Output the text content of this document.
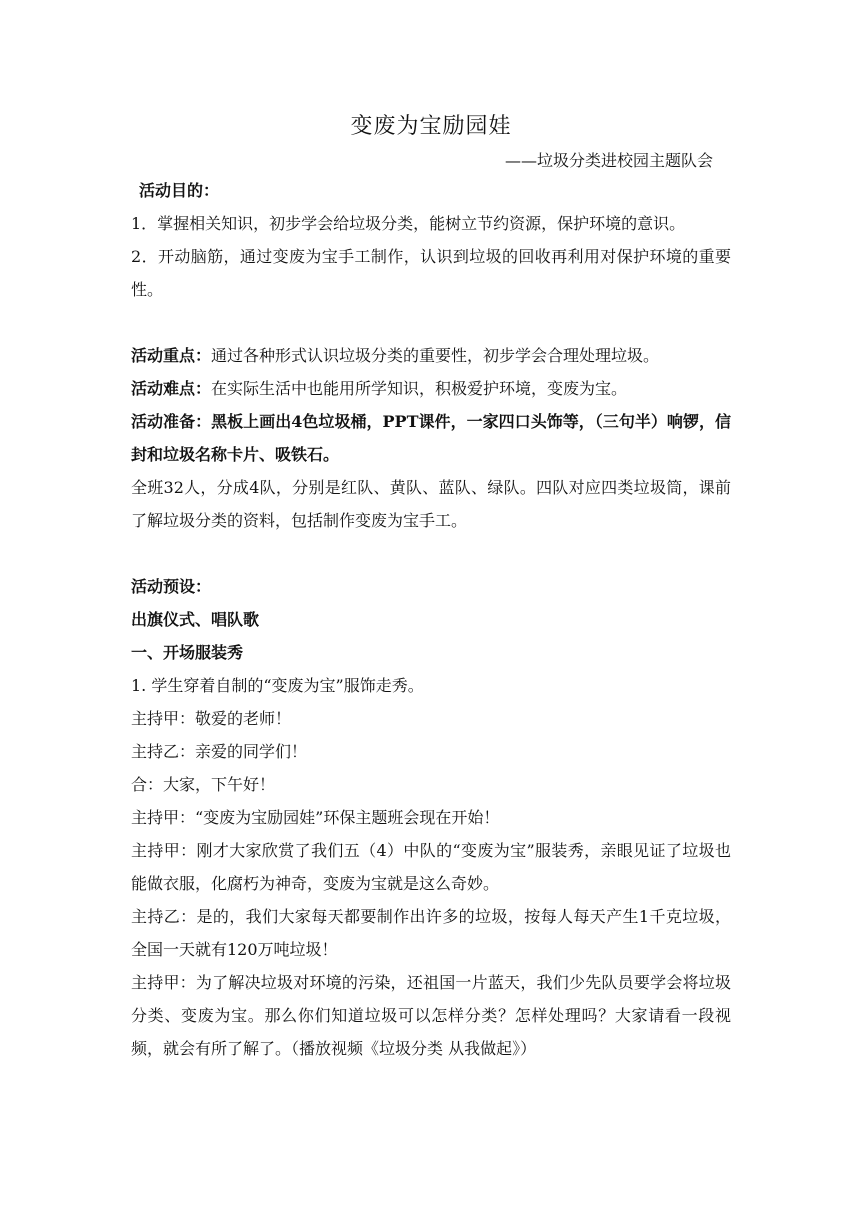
变废为宝励园娃
——垃圾分类进校园主题队会

活动目的：

1．掌握相关知识，初步学会给垃圾分类，能树立节约资源，保护环境的意识。

2．开动脑筋，通过变废为宝手工制作，认识到垃圾的回收再利用对保护环境的重要性。

活动重点：通过各种形式认识垃圾分类的重要性，初步学会合理处理垃圾。

活动难点：在实际生活中也能用所学知识，积极爱护环境，变废为宝。

活动准备：黑板上画出4色垃圾桶，PPT课件，一家四口头饰等，（三句半）响锣，信封和垃圾名称卡片、吸铁石。

全班32人，分成4队，分别是红队、黄队、蓝队、绿队。四队对应四类垃圾筒，课前了解垃圾分类的资料，包括制作变废为宝手工。

活动预设：

出旗仪式、唱队歌

一、开场服装秀

1. 学生穿着自制的“变废为宝”服饰走秀。

主持甲：敬爱的老师！

主持乙：亲爱的同学们！

合：大家，下午好！

主持甲：“变废为宝励园娃”环保主题班会现在开始！

主持甲：刚才大家欣赏了我们五（4）中队的“变废为宝”服装秀，亲眼见证了垃圾也能做衣服，化腐朽为神奇，变废为宝就是这么奇妙。

主持乙：是的，我们大家每天都要制作出许多的垃圾，按每人每天产生1千克垃圾，全国一天就有120万吨垃圾！

主持甲：为了解决垃圾对环境的污染，还祖国一片蓝天，我们少先队员要学会将垃圾分类、变废为宝。那么你们知道垃圾可以怎样分类？怎样处理吗？大家请看一段视频，就会有所了解了。（播放视频《垃圾分类 从我做起》）
